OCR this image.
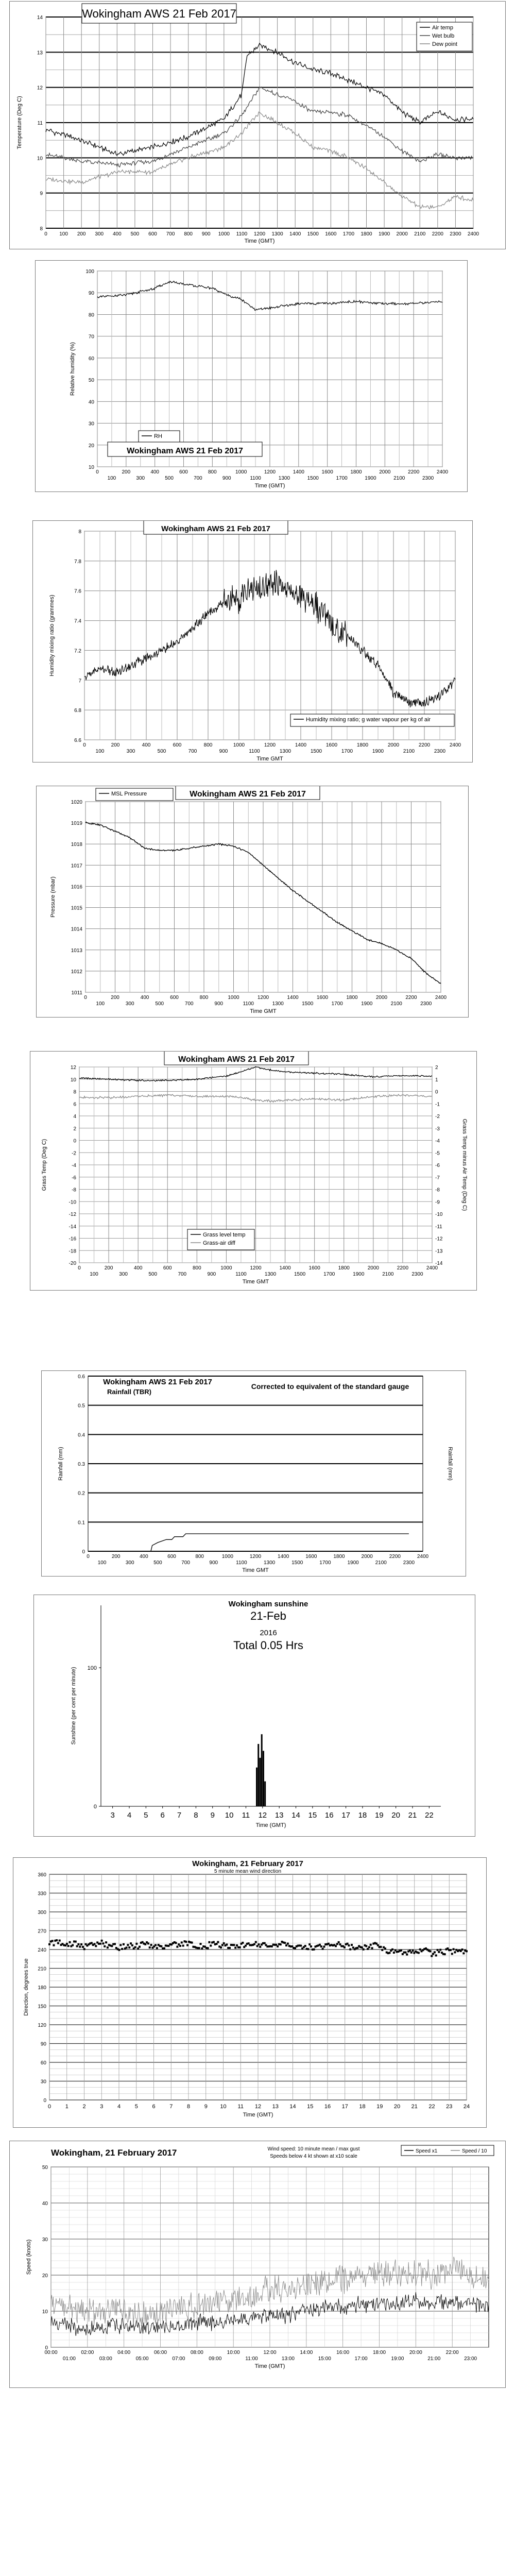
8
9
10
11
12
13
14
0 100 200 300 400 500 600 700 800 900 1000 1100 1200 1300 1400 1500 1600 1700 1800 1900 2000 2100 2200 2300 2400
Time (GMT)
Temperature (Deg C)
Wokingham AWS 21 Feb 2017
Air temp
Wet bulb
Dew point
10
20
30
40
50
60
70
80
90
100
0	200	400	600	800	1000	1200	1400	1600	1800	2000	2200	2400
100	300	500	700	900	1100	1300	1500	1700	1900	2100	2300
Time (GMT)
Relative humidity (%)
RH
Wokingham AWS 21 Feb 2017
6.6
6.8
7
7.2
7.4
7.6
7.8
8
0	200	400	600	800	1000	1200	1400	1600	1800	2000	2200	2400
100	300	500	700	900	1100	1300	1500	1700	1900	2100	2300
Time GMT
Humidity mixing ratio (grammes)
Wokingham AWS 21 Feb 2017
Humidity mixing ratio; g water vapour per kg of air
1011
1012
1013
1014
1015
1016
1017
1018
1019
1020
0	200	400	600	800	1000	1200	1400	1600	1800	2000	2200	2400
100	300	500	700	900	1100	1300	1500	1700	1900	2100	2300
Time GMT
Pressure (mbar)
MSL Pressure	Wokingham AWS 21 Feb 2017
12
10
8
6
4
2
0
-2
-4
-6
-8
-10
-12
-14
-16
-18
-20
2
1
0
-1
-2
-3
-4
-5
-6
-7
-8
-9
-10
-11
-12
-13
-14
0	200	400	600	800	1000	1200	1400	1600	1800	2000	2200	2400
100	300	500	700	900	1100	1300	1500	1700	1900	2100	2300
Time GMT
Grass Temp (Deg C)	Grass Temp minus Air Temp (Deg C)
Wokingham AWS 21 Feb 2017
Grass level temp
Grass-air diff
0
0.1
0.2
0.3
0.4
0.5
0.6
0	200	400	600	800	1000	1200	1400	1600	1800	2000	2200	2400
100	300	500	700	900	1100	1300	1500	1700	1900	2100	2300
Time GMT
Rainfall (mm)	Rainfall (mm)
Wokingham AWS 21 Feb 2017
Rainfall (TBR)
Corrected to equivalent of the standard gauge
0
100
3 4 5 6 7 8 9 10 11 12 13 14 15 16 17 18 19 20 21 22
Time (GMT)
Sunshine (per cent per minute)
Wokingham sunshine
21-Feb
2016
Total 0.05 Hrs
0
30
60
90
120
150
180
210
240
270
300
330
360
0	1	2	3	4	5	6	7	8	9 10 11 12 13 14 15 16 17 18 19 20 21 22 23 24
Time (GMT)
Direction, degrees true
Wokingham, 21 February 2017
5 minute mean wind direction
0
10
20
30
40
50
00:00	02:00	04:00	06:00	08:00	10:00	12:00	14:00	16:00	18:00	20:00	22:00
01:00	03:00	05:00	07:00	09:00	11:00	13:00	15:00	17:00	19:00	21:00	23:00
Time (GMT)
Speed (knots)
Wokingham, 21 February 2017	Wind speed: 10 minute mean / max gust
Speeds below 4 kt shown at x10 scale
Speed x1	Speed / 10
